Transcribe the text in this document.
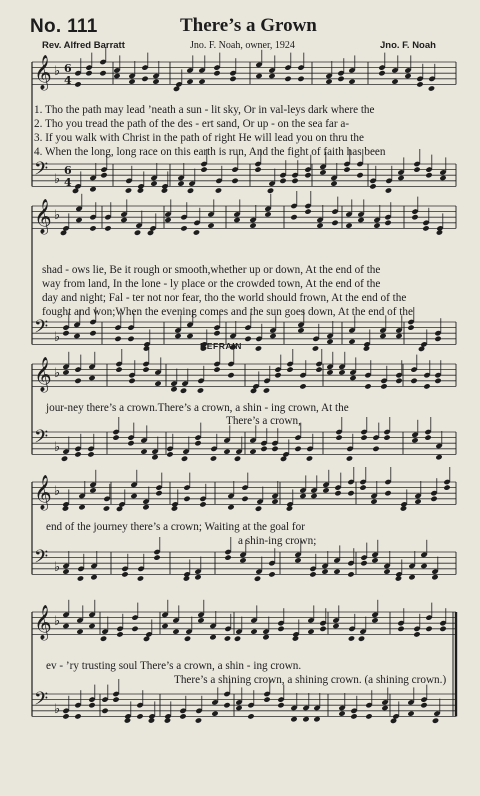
No. 111	There’s a Grown
Rev. Alfred Barratt	Jno. F. Noah, owner, 1924	Jno. F. Noah
𝄞 ♭ 6
4
𝄢 ♭
6
4
𝄞 ♭
𝄢 ♭
𝄞 ♭
𝄢 ♭
𝄞 ♭
𝄢 ♭
𝄞 ♭
𝄢 ♭
1. Tho the path may lead ’neath a sun - lit sky, Or in val-leys dark where the
2. Tho you tread the path of the des - ert sand, Or up - on the sea far a-
3. If you walk with Christ in the path of right He will lead you on thru the
4. When the long, long race on this earth is run, And the fight of faith has been
shad - ows lie, Be it rough or smooth,whether up or down, At the end of the
way from land, In the lone - ly place or the crowded town, At the end of the
day and night; Fal - ter not nor fear, tho the world should frown, At the end of the
fought and won;When the evening comes and the sun goes down, At the end of the
REFRAIN
jour-ney there’s a crown.There’s a crown, a shin - ing crown, At the
There’s a crown,
end of the journey there’s a crown; Waiting at the goal for
a shin-ing crown;
ev - ’ry trusting soul There’s a crown, a shin - ing crown.
There’s a shining crown, a shining crown. (a shining crown.)
